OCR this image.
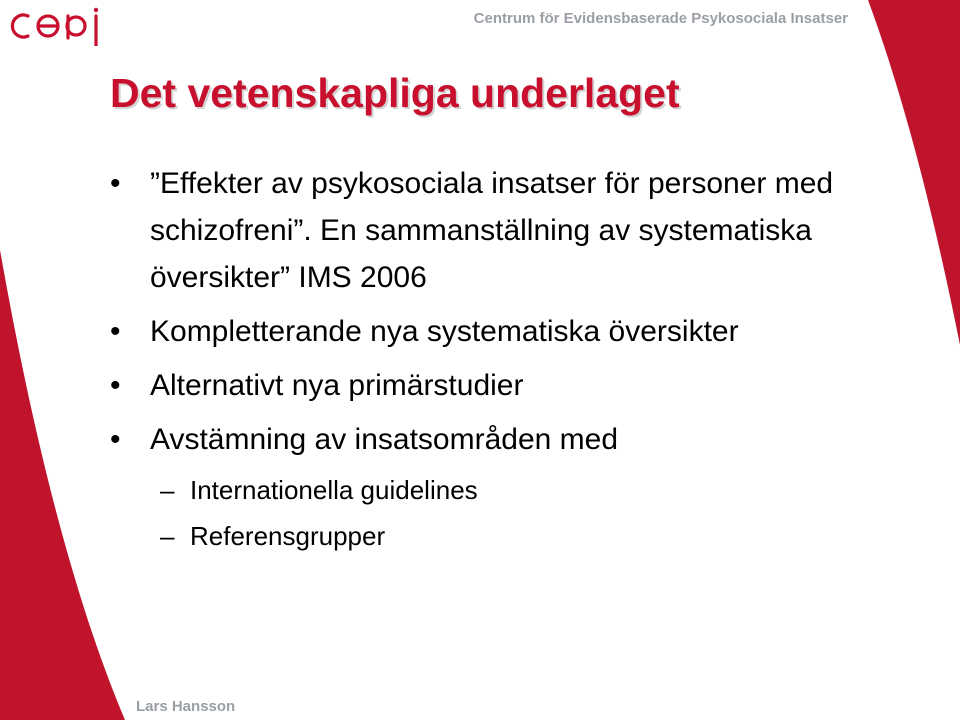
Centrum för Evidensbaserade Psykosociala Insatser
Det vetenskapliga underlaget
• ”Effekter av psykosociala insatser för personer med schizofreni”. En sammanställning av systematiska översikter” IMS 2006
• Kompletterande nya systematiska översikter
• Alternativt nya primärstudier
• Avstämning av insatsområden med
– Internationella guidelines
– Referensgrupper
Lars Hansson
